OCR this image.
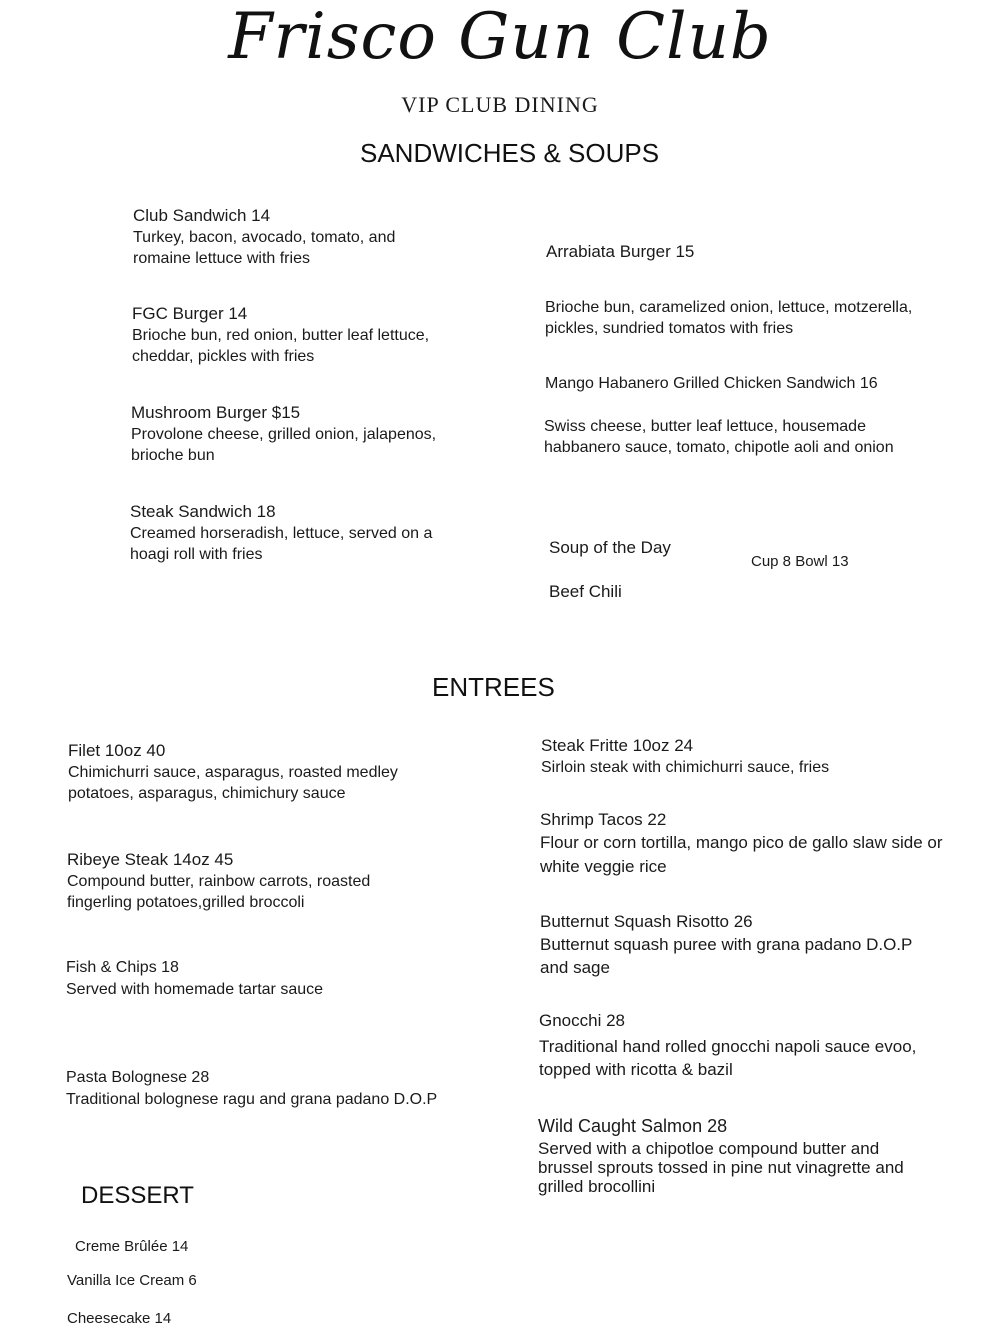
Frisco Gun Club
VIP CLUB DINING
SANDWICHES & SOUPS
Club Sandwich 14
Turkey, bacon, avocado, tomato, and romaine lettuce with fries
FGC Burger 14
Brioche bun, red onion, butter leaf lettuce, cheddar, pickles with fries
Mushroom Burger $15
Provolone cheese, grilled onion, jalapenos, brioche bun
Steak Sandwich 18
Creamed horseradish, lettuce, served on a hoagi roll with fries
Arrabiata Burger 15
Brioche bun, caramelized onion, lettuce, motzerella, pickles, sundried tomatos with fries
Mango Habanero Grilled Chicken Sandwich 16
Swiss cheese, butter leaf lettuce, housemade habbanero sauce, tomato, chipotle aoli and onion
Soup of the Day
Cup 8 Bowl 13
Beef Chili
ENTREES
Filet 10oz 40
Chimichurri sauce, asparagus, roasted medley potatoes, asparagus, chimichury sauce
Ribeye Steak 14oz 45
Compound butter, rainbow carrots, roasted fingerling potatoes,grilled broccoli
Fish & Chips 18
Served with homemade tartar sauce
Pasta Bolognese 28
Traditional bolognese ragu and grana padano D.O.P
Steak Fritte 10oz 24
Sirloin steak with chimichurri sauce, fries
Shrimp Tacos 22
Flour or corn tortilla, mango pico de gallo slaw side or white veggie rice
Butternut Squash Risotto 26
Butternut squash puree with grana padano D.O.P and sage
Gnocchi 28
Traditional hand rolled gnocchi napoli sauce evoo, topped with ricotta & bazil
Wild Caught Salmon 28
Served with a chipotloe compound butter and brussel sprouts tossed in pine nut vinagrette and grilled brocollini
DESSERT
Creme Brûlée 14
Vanilla Ice Cream 6
Cheesecake 14
